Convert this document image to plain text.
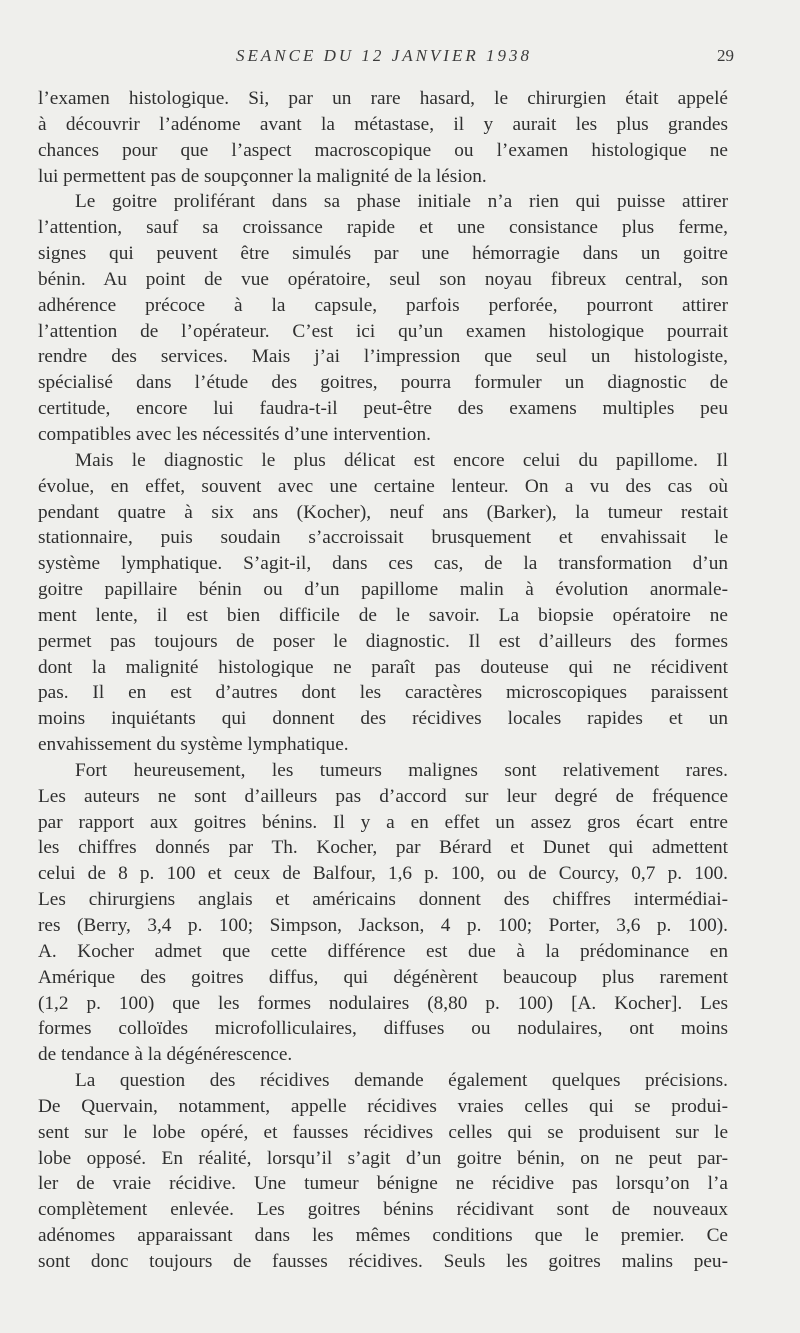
SEANCE DU 12 JANVIER 1938	29
l’examen histologique. Si, par un rare hasard, le chirurgien était appelé
à découvrir l’adénome avant la métastase, il y aurait les plus grandes
chances pour que l’aspect macroscopique ou l’examen histologique ne
lui permettent pas de soupçonner la malignité de la lésion.
Le goitre proliférant dans sa phase initiale n’a rien qui puisse attirer
l’attention, sauf sa croissance rapide et une consistance plus ferme,
signes qui peuvent être simulés par une hémorragie dans un goitre
bénin. Au point de vue opératoire, seul son noyau fibreux central, son
adhérence précoce à la capsule, parfois perforée, pourront attirer
l’attention de l’opérateur. C’est ici qu’un examen histologique pourrait
rendre des services. Mais j’ai l’impression que seul un histologiste,
spécialisé dans l’étude des goitres, pourra formuler un diagnostic de
certitude, encore lui faudra-t-il peut-être des examens multiples peu
compatibles avec les nécessités d’une intervention.
Mais le diagnostic le plus délicat est encore celui du papillome. Il
évolue, en effet, souvent avec une certaine lenteur. On a vu des cas où
pendant quatre à six ans (Kocher), neuf ans (Barker), la tumeur restait
stationnaire, puis soudain s’accroissait brusquement et envahissait le
système lymphatique. S’agit-il, dans ces cas, de la transformation d’un
goitre papillaire bénin ou d’un papillome malin à évolution anormale-
ment lente, il est bien difficile de le savoir. La biopsie opératoire ne
permet pas toujours de poser le diagnostic. Il est d’ailleurs des formes
dont la malignité histologique ne paraît pas douteuse qui ne récidivent
pas. Il en est d’autres dont les caractères microscopiques paraissent
moins inquiétants qui donnent des récidives locales rapides et un
envahissement du système lymphatique.
Fort heureusement, les tumeurs malignes sont relativement rares.
Les auteurs ne sont d’ailleurs pas d’accord sur leur degré de fréquence
par rapport aux goitres bénins. Il y a en effet un assez gros écart entre
les chiffres donnés par Th. Kocher, par Bérard et Dunet qui admettent
celui de 8 p. 100 et ceux de Balfour, 1,6 p. 100, ou de Courcy, 0,7 p. 100.
Les chirurgiens anglais et américains donnent des chiffres intermédiai-
res (Berry, 3,4 p. 100; Simpson, Jackson, 4 p. 100; Porter, 3,6 p. 100).
A. Kocher admet que cette différence est due à la prédominance en
Amérique des goitres diffus, qui dégénèrent beaucoup plus rarement
(1,2 p. 100) que les formes nodulaires (8,80 p. 100) [A. Kocher]. Les
formes colloïdes microfolliculaires, diffuses ou nodulaires, ont moins
de tendance à la dégénérescence.
La question des récidives demande également quelques précisions.
De Quervain, notamment, appelle récidives vraies celles qui se produi-
sent sur le lobe opéré, et fausses récidives celles qui se produisent sur le
lobe opposé. En réalité, lorsqu’il s’agit d’un goitre bénin, on ne peut par-
ler de vraie récidive. Une tumeur bénigne ne récidive pas lorsqu’on l’a
complètement enlevée. Les goitres bénins récidivant sont de nouveaux
adénomes apparaissant dans les mêmes conditions que le premier. Ce
sont donc toujours de fausses récidives. Seuls les goitres malins peu-
